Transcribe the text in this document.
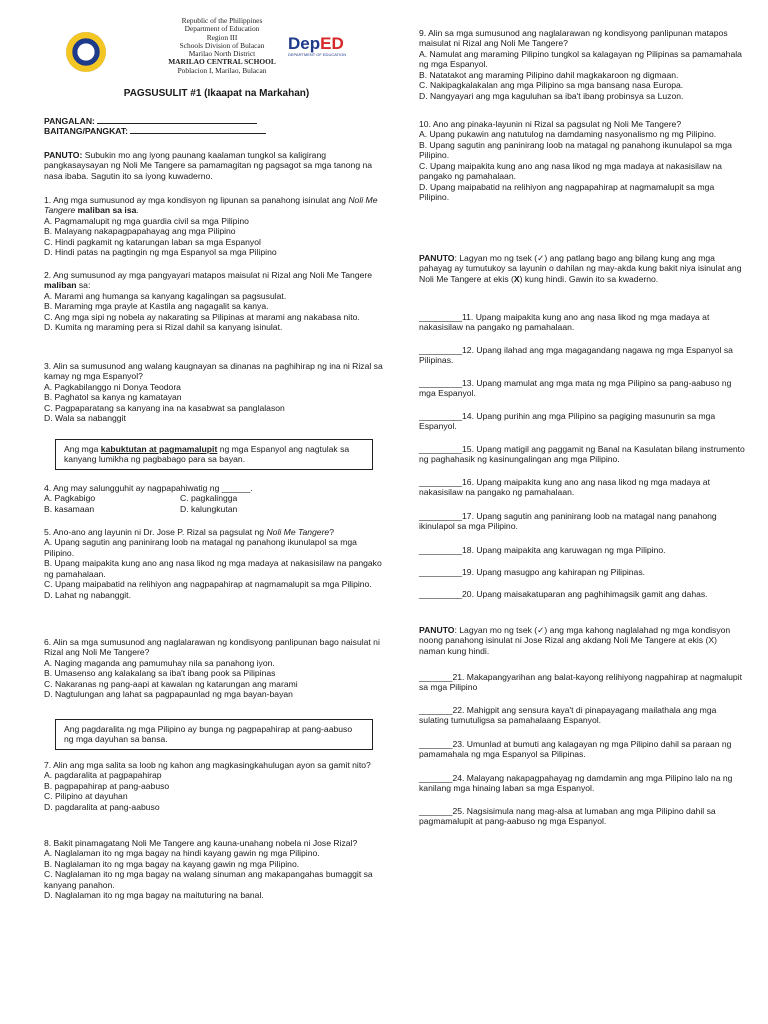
Republic of the Philippines
Department of Education
Region III
Schools Division of Bulacan
Marilao North District
MARILAO CENTRAL SCHOOL
Poblacion I, Marilao, Bulacan
DepED
DEPARTMENT OF EDUCATION
PAGSUSULIT #1 (Ikaapat na Markahan)

PANGALAN:

BAITANG/PANGKAT:

PANUTO: Subukin mo ang iyong paunang kaalaman tungkol sa kaligirang pangkasaysayan ng Noli Me Tangere sa pamamagitan ng pagsagot sa mga tanong na nasa ibaba. Sagutin ito sa iyong kuwaderno.

1. Ang mga sumusunod ay mga kondisyon ng lipunan sa panahong isinulat ang Noli Me Tangere maliban sa isa.

A. Pagmamalupit ng mga guardia civil sa mga Pilipino

B. Malayang nakapagpapahayag ang mga Pilipino

C. Hindi pagkamit ng katarungan laban sa mga Espanyol

D. Hindi patas na pagtingin ng mga Espanyol sa mga Pilipino

2. Ang sumusunod ay mga pangyayari matapos maisulat ni Rizal ang Noli Me Tangere maliban sa:

A. Marami ang humanga sa kanyang kagalingan sa pagsusulat.

B. Maraming mga prayle at Kastila ang nagagalit sa kanya.

C. Ang mga sipi ng nobela ay nakarating sa Pilipinas at marami ang nakabasa nito.

D. Kumita ng maraming pera si Rizal dahil sa kanyang isinulat.

3. Alin sa sumusunod ang walang kaugnayan sa dinanas na paghihirap ng ina ni Rizal sa kamay ng mga Espanyol?

A. Pagkabilanggo ni Donya Teodora

B. Paghatol sa kanya ng kamatayan

C. Pagpaparatang sa kanyang ina na kasabwat sa panglalason

D. Wala sa nabanggit

Ang mga kabuktutan at pagmamalupit ng mga Espanyol ang nagtulak sa kanyang lumikha ng pagbabago para sa bayan.

4. Ang may salungguhit ay nagpapahiwatig ng ______.

A. Pagkabigo	C. pagkalingga
B. kasamaan	D. kalungkutan

5. Ano-ano ang layunin ni Dr. Jose P. Rizal sa pagsulat ng Noli Me Tangere?

A. Upang sagutin ang paninirang loob na matagal ng panahong ikunulapol sa mga Pilipino.

B. Upang maipakita kung ano ang nasa likod ng mga madaya at nakasisilaw na pangako ng pamahalaan.

C. Upang maipabatid na relihiyon ang nagpapahirap at nagmamalupit sa mga Pilipino.

D. Lahat ng nabanggit.

6. Alin sa mga sumusunod ang naglalarawan ng kondisyong panlipunan bago naisulat ni Rizal ang Noli Me Tangere?

A. Naging maganda ang pamumuhay nila sa panahong iyon.

B. Umasenso ang kalakalang sa iba't ibang pook sa Pilipinas

C. Nakaranas ng pang-aapi at kawalan ng katarungan ang marami

D. Nagtulungan ang lahat sa pagpapaunlad ng mga bayan-bayan

Ang pagdaralita ng mga Pilipino ay bunga ng pagpapahirap at pang-aabuso ng mga dayuhan sa bansa.

7. Alin ang mga salita sa loob ng kahon ang magkasingkahulugan ayon sa gamit nito?

A. pagdaralita at pagpapahirap

B. pagpapahirap at pang-aabuso

C. Pilipino at dayuhan

D. pagdaralita at pang-aabuso

8. Bakit pinamagatang Noli Me Tangere ang kauna-unahang nobela ni Jose Rizal?

A. Naglalaman ito ng mga bagay na hindi kayang gawin ng mga Pilipino.

B. Naglalaman ito ng mga bagay na kayang gawin ng mga Pilipino.

C. Naglalaman ito ng mga bagay na walang sinuman ang makapangahas bumaggit sa kanyang panahon.

D. Naglalaman ito ng mga bagay na maituturing na banal.

9. Alin sa mga sumusunod ang naglalarawan ng kondisyong panlipunan matapos maisulat ni Rizal ang Noli Me Tangere?

A. Namulat ang maraming Pilipino tungkol sa kalagayan ng Pilipinas sa pamamahala ng mga Espanyol.

B. Natatakot ang maraming Pilipino dahil magkakaroon ng digmaan.

C. Nakipagkalakalan ang mga Pilipino sa mga bansang nasa Europa.

D. Nangyayari ang mga kaguluhan sa iba't ibang probinsya sa Luzon.

10. Ano ang pinaka-layunin ni Rizal sa pagsulat ng Noli Me Tangere?

A. Upang pukawin ang natutulog na damdaming nasyonalismo ng mg Pilipino.

B. Upang sagutin ang paninirang loob na matagal ng panahong ikunulapol sa mga Pilipino.

C. Upang maipakita kung ano ang nasa likod ng mga madaya at nakasisilaw na pangako ng pamahalaan.

D. Upang maipabatid na relihiyon ang nagpapahirap at nagmamalupit sa mga Pilipino.

PANUTO: Lagyan mo ng tsek (✓) ang patlang bago ang bilang kung ang mga pahayag ay tumutukoy sa layunin o dahilan ng may-akda kung bakit niya isinulat ang Noli Me Tangere at ekis (X) kung hindi. Gawin ito sa kwaderno.

_________11. Upang maipakita kung ano ang nasa likod ng mga madaya at nakasisilaw na pangako ng pamahalaan.

_________12. Upang ilahad ang mga magagandang nagawa ng mga Espanyol sa Pilipinas.

_________13. Upang mamulat ang mga mata ng mga Pilipino sa pang-aabuso ng mga Espanyol.

_________14. Upang purihin ang mga Pilipino sa pagiging masunurin sa mga Espanyol.

_________15. Upang matigil ang paggamit ng Banal na Kasulatan bilang instrumento ng paghahasik ng kasinungalingan ang mga Pilipino.

_________16. Upang maipakita kung ano ang nasa likod ng mga madaya at nakasisilaw na pangako ng pamahalaan.

_________17. Upang sagutin ang paninirang loob na matagal nang panahong ikinulapol sa mga Pilipino.

_________18. Upang maipakita ang karuwagan ng mga Pilipino.

_________19. Upang masugpo ang kahirapan ng Pilipinas.

_________20. Upang maisakatuparan ang paghihimagsik gamit ang dahas.

PANUTO: Lagyan mo ng tsek (✓) ang mga kahong naglalahad ng mga kondisyon noong panahong isinulat ni Jose Rizal ang akdang Noli Me Tangere at ekis (X) naman kung hindi.

_______21. Makapangyarihan ang balat-kayong relihiyong nagpahirap at nagmalupit sa mga Pilipino

_______22. Mahigpit ang sensura kaya't di pinapayagang mailathala ang mga sulating tumutuligsa sa pamahalaang Espanyol.

_______23. Umunlad at bumuti ang kalagayan ng mga Pilipino dahil sa paraan ng pamamahala ng mga Espanyol sa Pilipinas.

_______24. Malayang nakapagpahayag ng damdamin ang mga Pilipino lalo na ng kanilang mga hinaing laban sa mga Espanyol.

_______25. Nagsisimula nang mag-alsa at lumaban ang mga Pilipino dahil sa pagmamalupit at pang-aabuso ng mga Espanyol.
